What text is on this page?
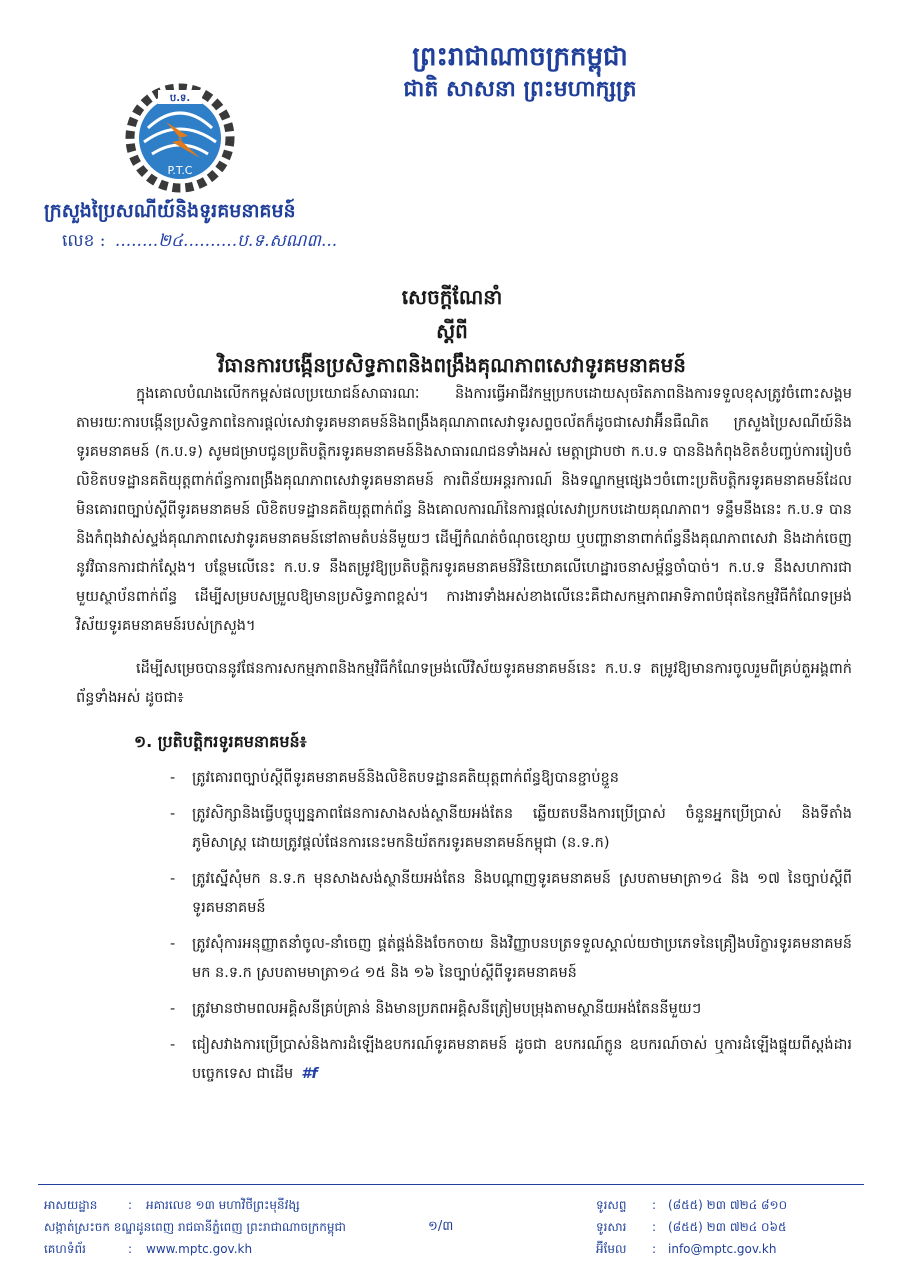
ព្រះរាជាណាចក្រកម្ពុជា
ជាតិ សាសនា ព្រះមហាក្សត្រ
ប.ទ.
P.T.C
ក្រសួងប្រៃសណីយ៍និងទូរគមនាគមន៍
លេខ : ........២៤..........ប.ទ.សណ៣...
សេចក្តីណែនាំ
ស្តីពី
វិធានការបង្កើនប្រសិទ្ធភាពនិងពង្រឹងគុណភាពសេវាទូរគមនាគមន៍

ក្នុងគោលបំណងលើកកម្ពស់ផលប្រយោជន៍សាធារណៈ និងការធ្វើអាជីវកម្មប្រកបដោយសុចរិតភាពនិងការទទួលខុសត្រូវចំពោះសង្គម តាមរយៈការបង្កើនប្រសិទ្ធភាពនៃការផ្តល់សេវាទូរគមនាគមន៍និងពង្រឹងគុណភាពសេវាទូរសព្ទចល័តក៏ដូចជាសេវាអ៊ីនធឺណិត ក្រសួងប្រៃសណីយ៍និងទូរគមនាគមន៍ (ក.ប.ទ) សូមជម្រាបជូនប្រតិបត្តិករទូរគមនាគមន៍និងសាធារណជនទាំងអស់ មេត្តាជ្រាបថា ក.ប.ទ បាននិងកំពុងខិតខំបញ្ចប់ការរៀបចំលិខិតបទដ្ឋានគតិយុត្តពាក់ព័ន្ធការពង្រឹងគុណភាពសេវាទូរគមនាគមន៍ ការពិន័យអន្តរការណ៍ និងទណ្ឌកម្មផ្សេងៗចំពោះប្រតិបត្តិករទូរគមនាគមន៍ដែលមិនគោរពច្បាប់ស្តីពីទូរគមនាគមន៍ លិខិតបទដ្ឋានគតិយុត្តពាក់ព័ន្ធ និងគោលការណ៍នៃការផ្តល់សេវាប្រកបដោយគុណភាព។ ទន្ទឹមនឹងនេះ ក.ប.ទ បាននិងកំពុងវាស់ស្ទង់គុណភាពសេវាទូរគមនាគមន៍នៅតាមតំបន់នីមួយៗ ដើម្បីកំណត់ចំណុចខ្សោយ ឬបញ្ហានានាពាក់ព័ន្ធនឹងគុណភាពសេវា និងដាក់ចេញនូវវិធានការជាក់ស្តែង។ បន្ថែមលើនេះ ក.ប.ទ នឹងតម្រូវឱ្យប្រតិបត្តិករទូរគមនាគមន៍វិនិយោគលើហេដ្ឋារចនាសម្ព័ន្ធចាំបាច់។ ក.ប.ទ នឹងសហការជាមួយស្ថាប័នពាក់ព័ន្ធ ដើម្បីសម្របសម្រួលឱ្យមានប្រសិទ្ធភាពខ្ពស់។ ការងារទាំងអស់ខាងលើនេះគឺជាសកម្មភាពអាទិភាពបំផុតនៃកម្មវិធីកំណែទម្រង់វិស័យទូរគមនាគមន៍របស់ក្រសួង។

ដើម្បីសម្រេចបាននូវផែនការសកម្មភាពនិងកម្មវិធីកំណែទម្រង់លើវិស័យទូរគមនាគមន៍នេះ ក.ប.ទ តម្រូវឱ្យមានការចូលរួមពីគ្រប់តួអង្គពាក់ព័ន្ធទាំងអស់ ដូចជា៖

១. ប្រតិបត្តិករទូរគមនាគមន៍៖
- ត្រូវគោរពច្បាប់ស្តីពីទូរគមនាគមន៍និងលិខិតបទដ្ឋានគតិយុត្តពាក់ព័ន្ធឱ្យបានខ្ជាប់ខ្ជួន
- ត្រូវសិក្សានិងធ្វើបច្ចុប្បន្នភាពផែនការសាងសង់ស្ថានីយអង់តែន ឆ្លើយតបនឹងការប្រើប្រាស់ ចំនួនអ្នកប្រើប្រាស់ និងទីតាំងភូមិសាស្ត្រ ដោយត្រូវផ្តល់ផែនការនេះមកនិយ័តករទូរគមនាគមន៍កម្ពុជា (ន.ទ.ក)
- ត្រូវស្នើសុំមក ន.ទ.ក មុនសាងសង់ស្ថានីយអង់តែន និងបណ្តាញទូរគមនាគមន៍ ស្របតាមមាត្រា១៤ និង ១៧ នៃច្បាប់ស្តីពីទូរគមនាគមន៍
- ត្រូវសុំការអនុញ្ញាតនាំចូល-នាំចេញ ផ្គត់ផ្គង់និងចែកចាយ និងវិញ្ញាបនបត្រទទួលស្គាល់យថាប្រភេទនៃគ្រឿងបរិក្ខារទូរគមនាគមន៍ មក ន.ទ.ក ស្របតាមមាត្រា១៤ ១៥ និង ១៦ នៃច្បាប់ស្តីពីទូរគមនាគមន៍
- ត្រូវមានថាមពលអគ្គិសនីគ្រប់គ្រាន់ និងមានប្រភពអគ្គិសនីត្រៀមបម្រុងតាមស្ថានីយអង់តែននីមួយៗ
- ជៀសវាងការប្រើប្រាស់និងការដំឡើងឧបករណ៍ទូរគមនាគមន៍ ដូចជា ឧបករណ៍ក្លូន ឧបករណ៍ចាស់ ឬការដំឡើងផ្ទុយពីស្តង់ដារបច្ចេកទេស ជាដើម #f
អាសយដ្ឋាន	: អគារលេខ ១៣ មហាវិថីព្រះមុនីវង្ស
សង្កាត់ស្រះចក ខណ្ឌដូនពេញ រាជធានីភ្នំពេញ ព្រះរាជាណាចក្រកម្ពុជា
គេហទំព័រ	: www.mptc.gov.kh
១/៣
ទូរសព្ទ : (៨៥៥) ២៣ ៧២៤ ៨១០
ទូរសារ : (៨៥៥) ២៣ ៧២៤ ០៦៥
អ៊ីមែល : info@mptc.gov.kh
